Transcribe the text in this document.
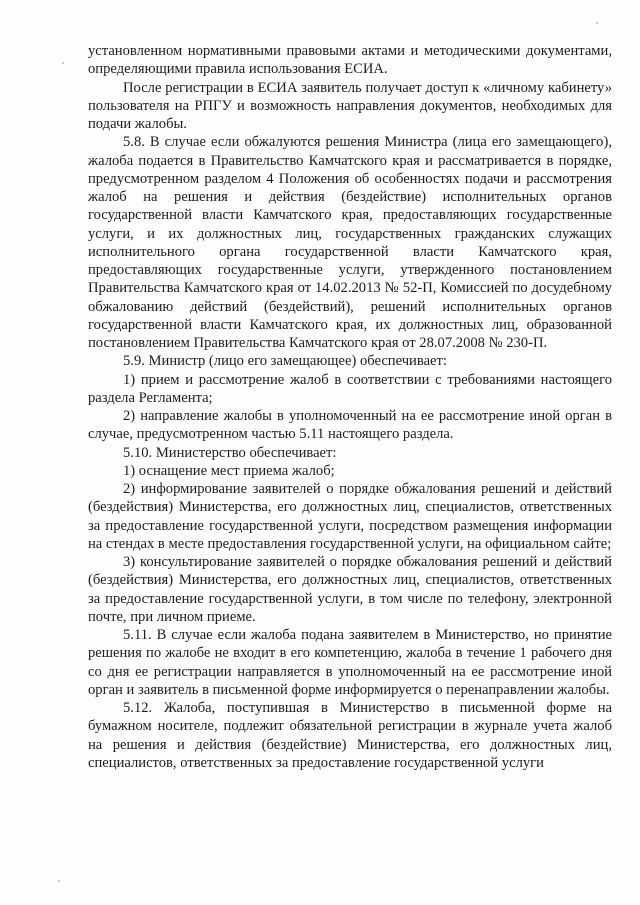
установленном нормативными правовыми актами и методическими документами, определяющими правила использования ЕСИА.

После регистрации в ЕСИА заявитель получает доступ к «личному кабинету» пользователя на РПГУ и возможность направления документов, необходимых для подачи жалобы.

5.8. В случае если обжалуются решения Министра (лица его замещающего), жалоба подается в Правительство Камчатского края и рассматривается в порядке, предусмотренном разделом 4 Положения об особенностях подачи и рассмотрения жалоб на решения и действия (бездействие) исполнительных органов государственной власти Камчатского края, предоставляющих государственные услуги, и их должностных лиц, государственных гражданских служащих исполнительного органа государственной власти Камчатского края, предоставляющих государственные услуги, утвержденного постановлением Правительства Камчатского края от 14.02.2013 № 52-П, Комиссией по досудебному обжалованию действий (бездействий), решений исполнительных органов государственной власти Камчатского края, их должностных лиц, образованной постановлением Правительства Камчатского края от 28.07.2008 № 230-П.

5.9. Министр (лицо его замещающее) обеспечивает:

1) прием и рассмотрение жалоб в соответствии с требованиями настоящего раздела Регламента;

2) направление жалобы в уполномоченный на ее рассмотрение иной орган в случае, предусмотренном частью 5.11 настоящего раздела.

5.10. Министерство обеспечивает:

1) оснащение мест приема жалоб;

2) информирование заявителей о порядке обжалования решений и действий (бездействия) Министерства, его должностных лиц, специалистов, ответственных за предоставление государственной услуги, посредством размещения информации на стендах в месте предоставления государственной услуги, на официальном сайте;

3) консультирование заявителей о порядке обжалования решений и действий (бездействия) Министерства, его должностных лиц, специалистов, ответственных за предоставление государственной услуги, в том числе по телефону, электронной почте, при личном приеме.

5.11. В случае если жалоба подана заявителем в Министерство, но принятие решения по жалобе не входит в его компетенцию, жалоба в течение 1 рабочего дня со дня ее регистрации направляется в уполномоченный на ее рассмотрение иной орган и заявитель в письменной форме информируется о перенаправлении жалобы.

5.12. Жалоба, поступившая в Министерство в письменной форме на бумажном носителе, подлежит обязательной регистрации в журнале учета жалоб на решения и действия (бездействие) Министерства, его должностных лиц, специалистов, ответственных за предоставление государственной услуги
